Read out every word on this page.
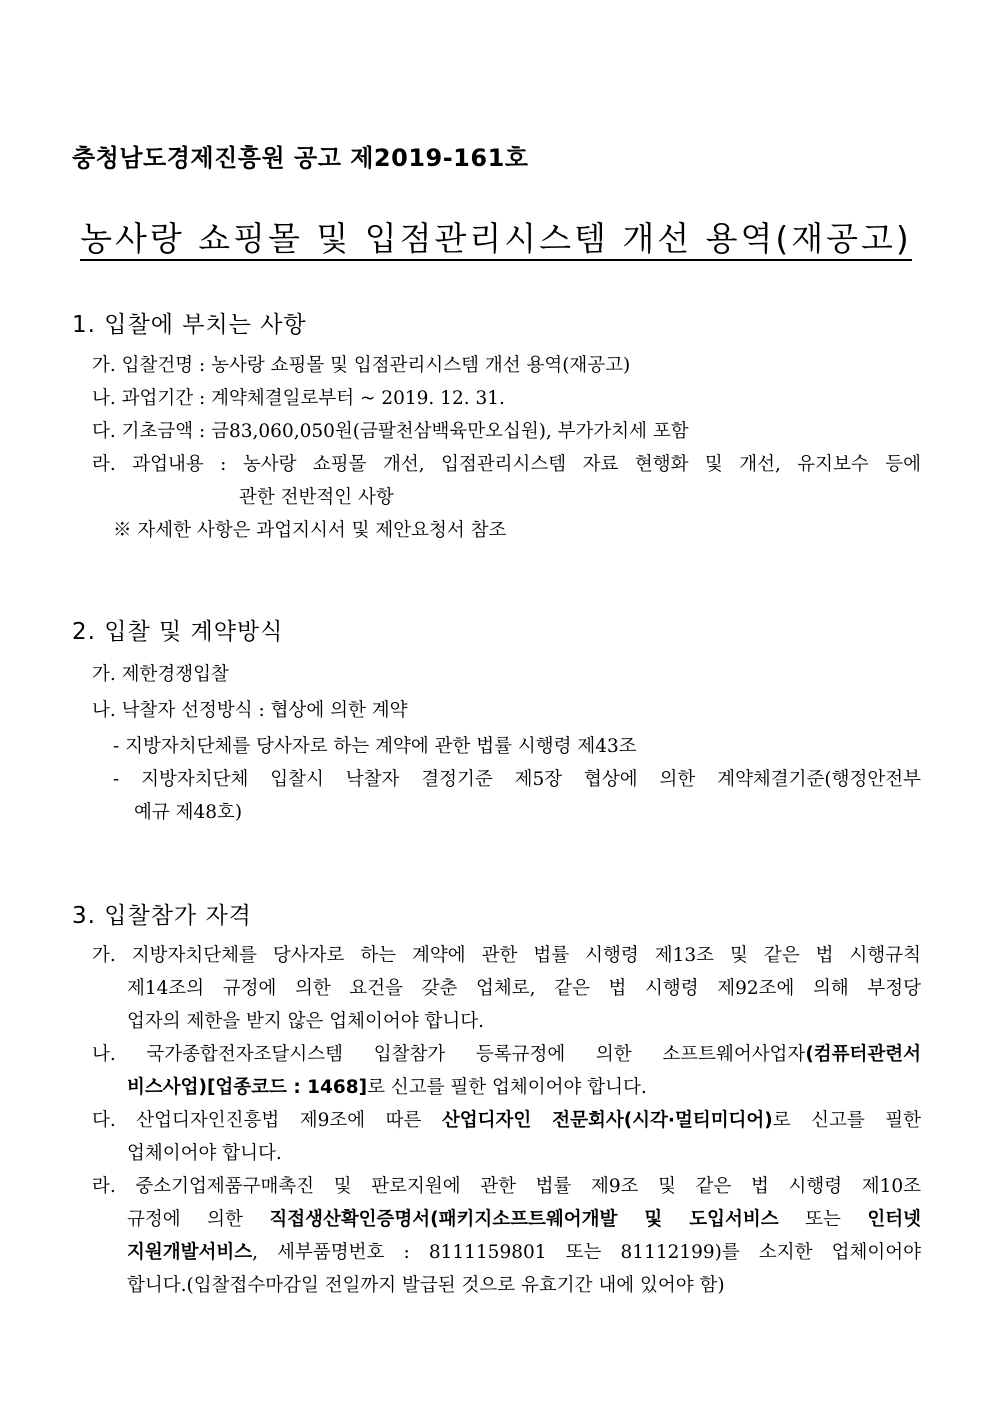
충청남도경제진흥원 공고 제2019-161호
농사랑 쇼핑몰 및 입점관리시스템 개선 용역(재공고)
1. 입찰에 부치는 사항
가. 입찰건명 : 농사랑 쇼핑몰 및 입점관리시스템 개선 용역(재공고)
나. 과업기간 : 계약체결일로부터 ~ 2019. 12. 31.
다. 기초금액 : 금83,060,050원(금팔천삼백육만오십원), 부가가치세 포함
라. 과업내용 : 농사랑 쇼핑몰 개선, 입점관리시스템 자료 현행화 및 개선, 유지보수 등에
관한 전반적인 사항
※ 자세한 사항은 과업지시서 및 제안요청서 참조
2. 입찰 및 계약방식
가. 제한경쟁입찰
나. 낙찰자 선정방식 : 협상에 의한 계약
- 지방자치단체를 당사자로 하는 계약에 관한 법률 시행령 제43조
- 지방자치단체 입찰시 낙찰자 결정기준 제5장 협상에 의한 계약체결기준(행정안전부
예규 제48호)
3. 입찰참가 자격
가. 지방자치단체를 당사자로 하는 계약에 관한 법률 시행령 제13조 및 같은 법 시행규칙
제14조의 규정에 의한 요건을 갖춘 업체로, 같은 법 시행령 제92조에 의해 부정당
업자의 제한을 받지 않은 업체이어야 합니다.
나. 국가종합전자조달시스템 입찰참가 등록규정에 의한 소프트웨어사업자(컴퓨터관련서
비스사업)[업종코드 : 1468]로 신고를 필한 업체이어야 합니다.
다. 산업디자인진흥법 제9조에 따른 산업디자인 전문회사(시각·멀티미디어)로 신고를 필한
업체이어야 합니다.
라. 중소기업제품구매촉진 및 판로지원에 관한 법률 제9조 및 같은 법 시행령 제10조
규정에 의한 직접생산확인증명서(패키지소프트웨어개발 및 도입서비스 또는 인터넷
지원개발서비스, 세부품명번호 : 8111159801 또는 81112199)를 소지한 업체이어야
합니다.(입찰접수마감일 전일까지 발급된 것으로 유효기간 내에 있어야 함)
